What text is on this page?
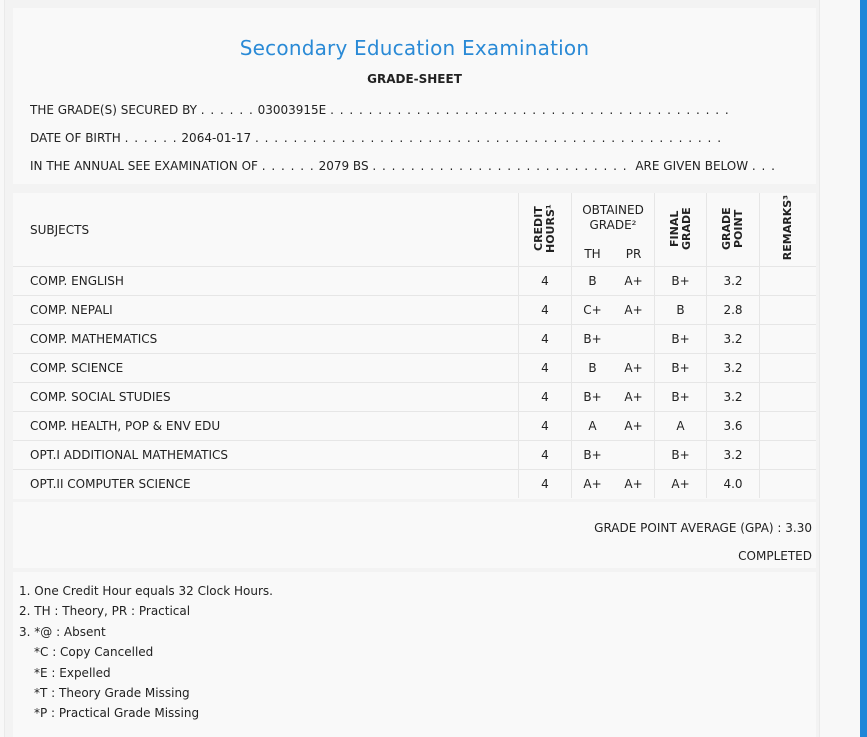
Secondary Education Examination
GRADE-SHEET
THE GRADE(S) SECURED BY
. . . . . .
03003915E

. . .
DATE OF BIRTH
. . . . . .
2064-01-17

. . .
IN THE ANNUAL SEE EXAMINATION OF
. . . . . .
2079 BS
. . .
	ARE GIVEN BELOW
. . .
SUBJECTS	CREDIT HOURS¹	OBTAINED GRADE²		FINAL GRADE	GRADE POINT	REMARKS³
		TH	PR			
COMP. ENGLISH	4	B	A+	B+	3.2	
COMP. NEPALI	4	C+	A+	B	2.8	
COMP. MATHEMATICS	4	B+		B+	3.2	
COMP. SCIENCE	4	B	A+	B+	3.2	
COMP. SOCIAL STUDIES	4	B+	A+	B+	3.2	
COMP. HEALTH, POP & ENV EDU	4	A	A+	A	3.6	
OPT.I ADDITIONAL MATHEMATICS	4	B+		B+	3.2	
OPT.II COMPUTER SCIENCE	4	A+	A+	A+	4.0	
GRADE POINT AVERAGE (GPA) : 3.30
COMPLETED
1. One Credit Hour equals 32 Clock Hours.
2. TH : Theory, PR : Practical
3. *@ : Absent
*C : Copy Cancelled
*E : Expelled
*T : Theory Grade Missing
*P : Practical Grade Missing
